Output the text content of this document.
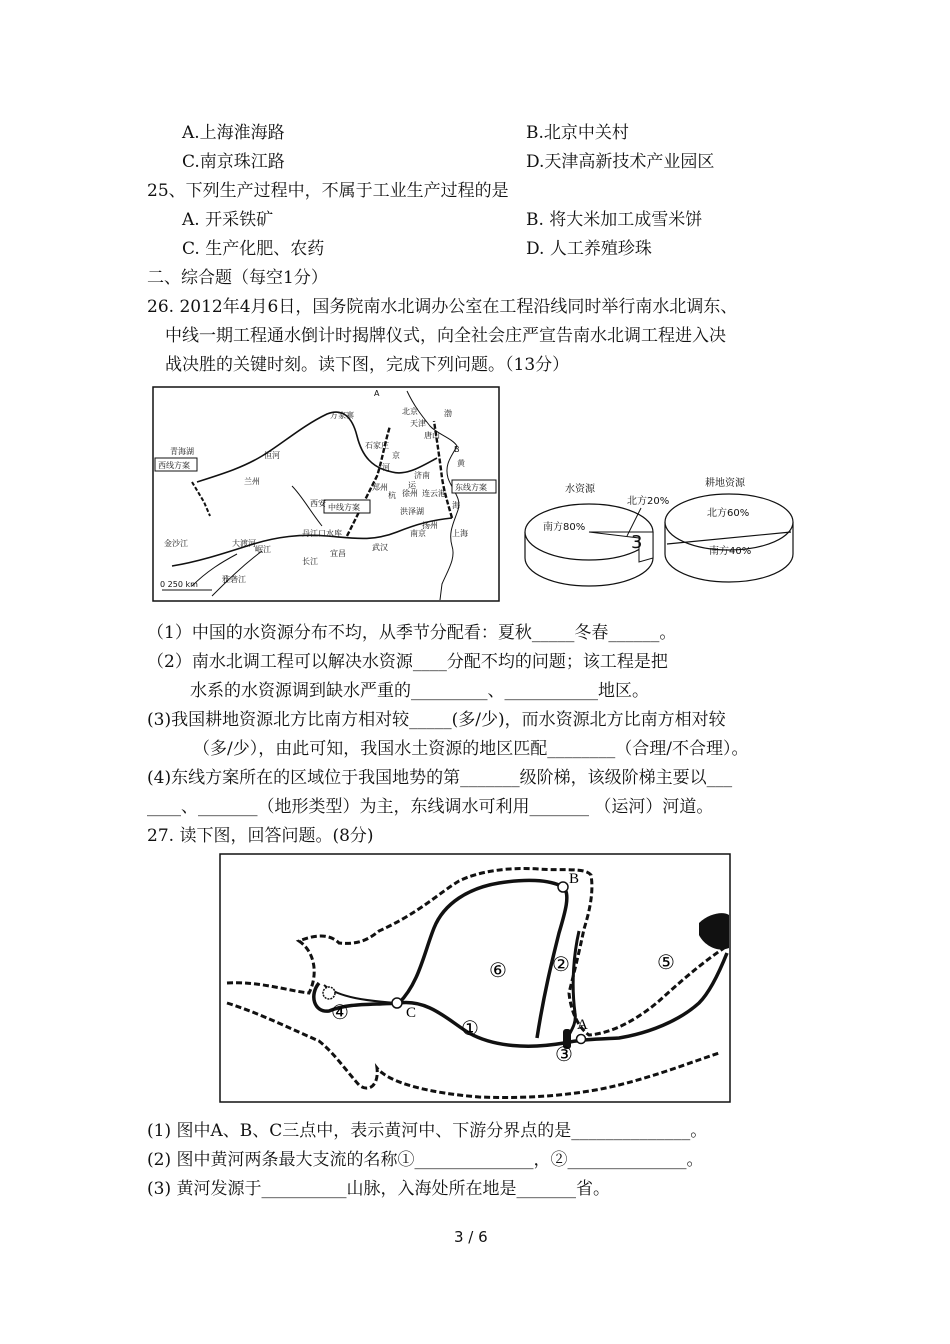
A.上海淮海路	B.北京中关村
C.南京珠江路	D.天津高新技术产业园区
25、下列生产过程中，不属于工业生产过程的是
A. 开采铁矿	B. 将大米加工成雪米饼
C. 生产化肥、农药	D. 人工养殖珍珠
二、综合题（每空1分）
26. 2012年4月6日，国务院南水北调办公室在工程沿线同时举行南水北调东、
中线一期工程通水倒计时揭牌仪式，向全社会庄严宣告南水北调工程进入决
战决胜的关键时刻。读下图，完成下列问题。（13分）
西线方案
中线方案
东线方案
0 250 km
青海湖	恒河
万家寨	北京
天津
唐山
石家庄
渤
黄
兰州
西安
郑州
济南
徐州 连云港
洪泽湖
扬州
南京	上海
丹江口水库
长江
武汉
宜昌
金沙江	大渡河
岷江
雅砻江
京
杭
运
河
海
A
B
水资源
南方80%
北方20%
3
耕地资源
北方60%
南方40%
（1）中国的水资源分布不均，从季节分配看：夏秋_____冬春______。
（2）南水北调工程可以解决水资源____分配不均的问题；该工程是把
水系的水资源调到缺水严重的_________、___________地区。
(3)我国耕地资源北方比南方相对较_____(多/少)，而水资源北方比南方相对较
（多/少），由此可知，我国水土资源的地区匹配________（合理/不合理）。
(4)东线方案所在的区域位于我国地势的第_______级阶梯，该级阶梯主要以___
____、_______（地形类型）为主，东线调水可利用_______ （运河）河道。
27. 读下图，回答问题。(8分)
B
C
A
①
②
③
④
⑤
⑥
(1) 图中A、B、C三点中，表示黄河中、下游分界点的是______________。
(2) 图中黄河两条最大支流的名称①______________，②______________。
(3) 黄河发源于__________山脉，入海处所在地是_______省。
3 / 6
